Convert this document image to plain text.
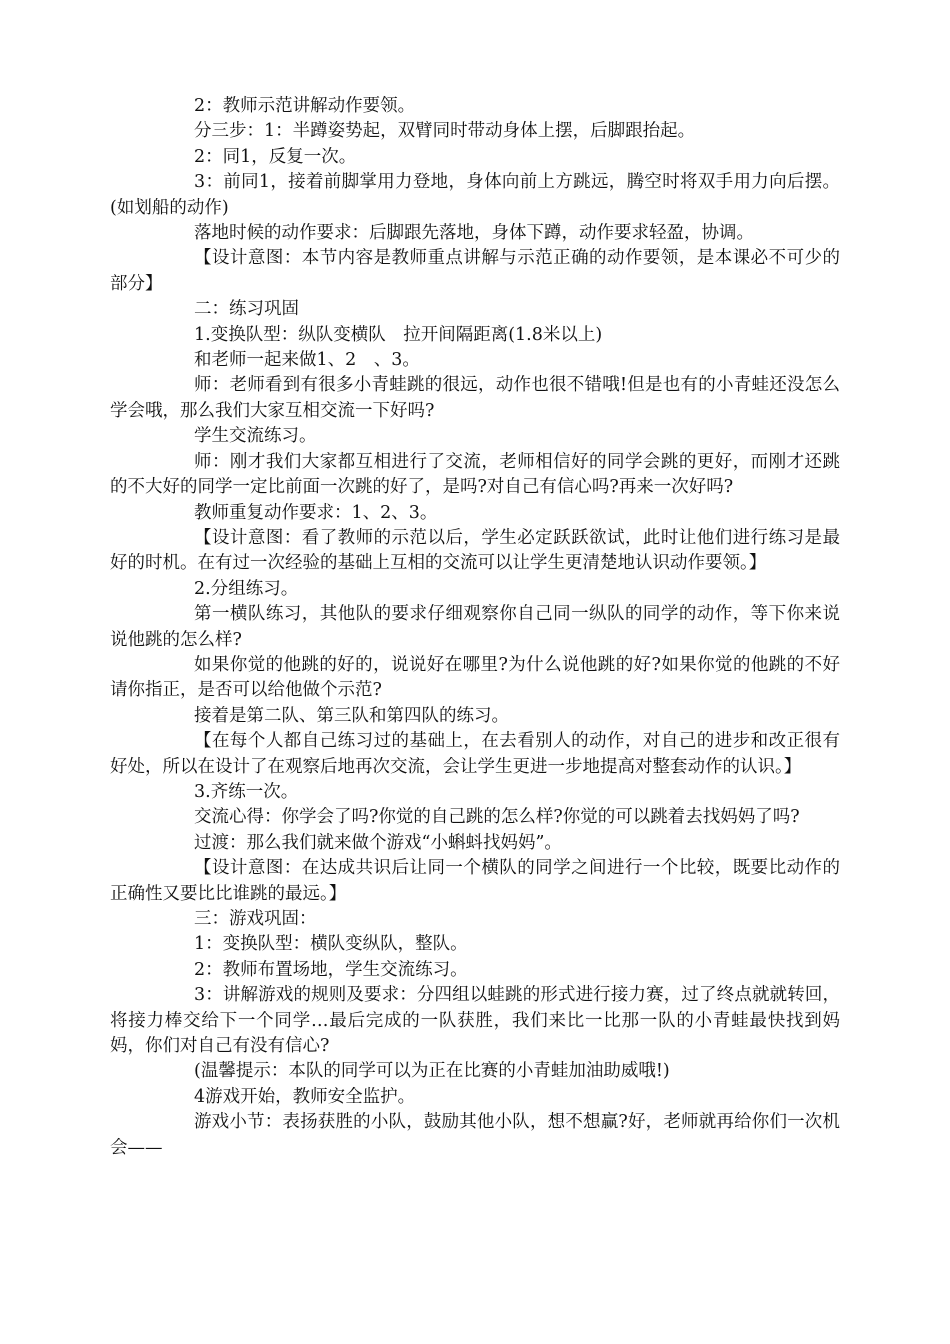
2：教师示范讲解动作要领。

分三步：1：半蹲姿势起，双臂同时带动身体上摆，后脚跟抬起。

2：同1，反复一次。

3：前同1，接着前脚掌用力登地，身体向前上方跳远，腾空时将双手用力向后摆。(如划船的动作)

落地时候的动作要求：后脚跟先落地，身体下蹲，动作要求轻盈，协调。

【设计意图：本节内容是教师重点讲解与示范正确的动作要领，是本课必不可少的部分】

二：练习巩固

1.变换队型：纵队变横队　拉开间隔距离(1.8米以上)

和老师一起来做1、2　、3。

师：老师看到有很多小青蛙跳的很远，动作也很不错哦!但是也有的小青蛙还没怎么学会哦，那么我们大家互相交流一下好吗?

学生交流练习。

师：刚才我们大家都互相进行了交流，老师相信好的同学会跳的更好，而刚才还跳的不大好的同学一定比前面一次跳的好了，是吗?对自己有信心吗?再来一次好吗?

教师重复动作要求：1、2、3。

【设计意图：看了教师的示范以后，学生必定跃跃欲试，此时让他们进行练习是最好的时机。在有过一次经验的基础上互相的交流可以让学生更清楚地认识动作要领。】

2.分组练习。

第一横队练习，其他队的要求仔细观察你自己同一纵队的同学的动作，等下你来说说他跳的怎么样?

如果你觉的他跳的好的，说说好在哪里?为什么说他跳的好?如果你觉的他跳的不好请你指正，是否可以给他做个示范?

接着是第二队、第三队和第四队的练习。

【在每个人都自己练习过的基础上，在去看别人的动作，对自己的进步和改正很有好处，所以在设计了在观察后地再次交流，会让学生更进一步地提高对整套动作的认识。】

3.齐练一次。

交流心得：你学会了吗?你觉的自己跳的怎么样?你觉的可以跳着去找妈妈了吗?

过渡：那么我们就来做个游戏“小蝌蚪找妈妈”。

【设计意图：在达成共识后让同一个横队的同学之间进行一个比较，既要比动作的正确性又要比比谁跳的最远。】

三：游戏巩固：

1：变换队型：横队变纵队，整队。

2：教师布置场地，学生交流练习。

3：讲解游戏的规则及要求：分四组以蛙跳的形式进行接力赛，过了终点就就转回，将接力棒交给下一个同学…最后完成的一队获胜，我们来比一比那一队的小青蛙最快找到妈妈，你们对自己有没有信心?

(温馨提示：本队的同学可以为正在比赛的小青蛙加油助威哦!)

4游戏开始，教师安全监护。

游戏小节：表扬获胜的小队，鼓励其他小队，想不想赢?好，老师就再给你们一次机会——
